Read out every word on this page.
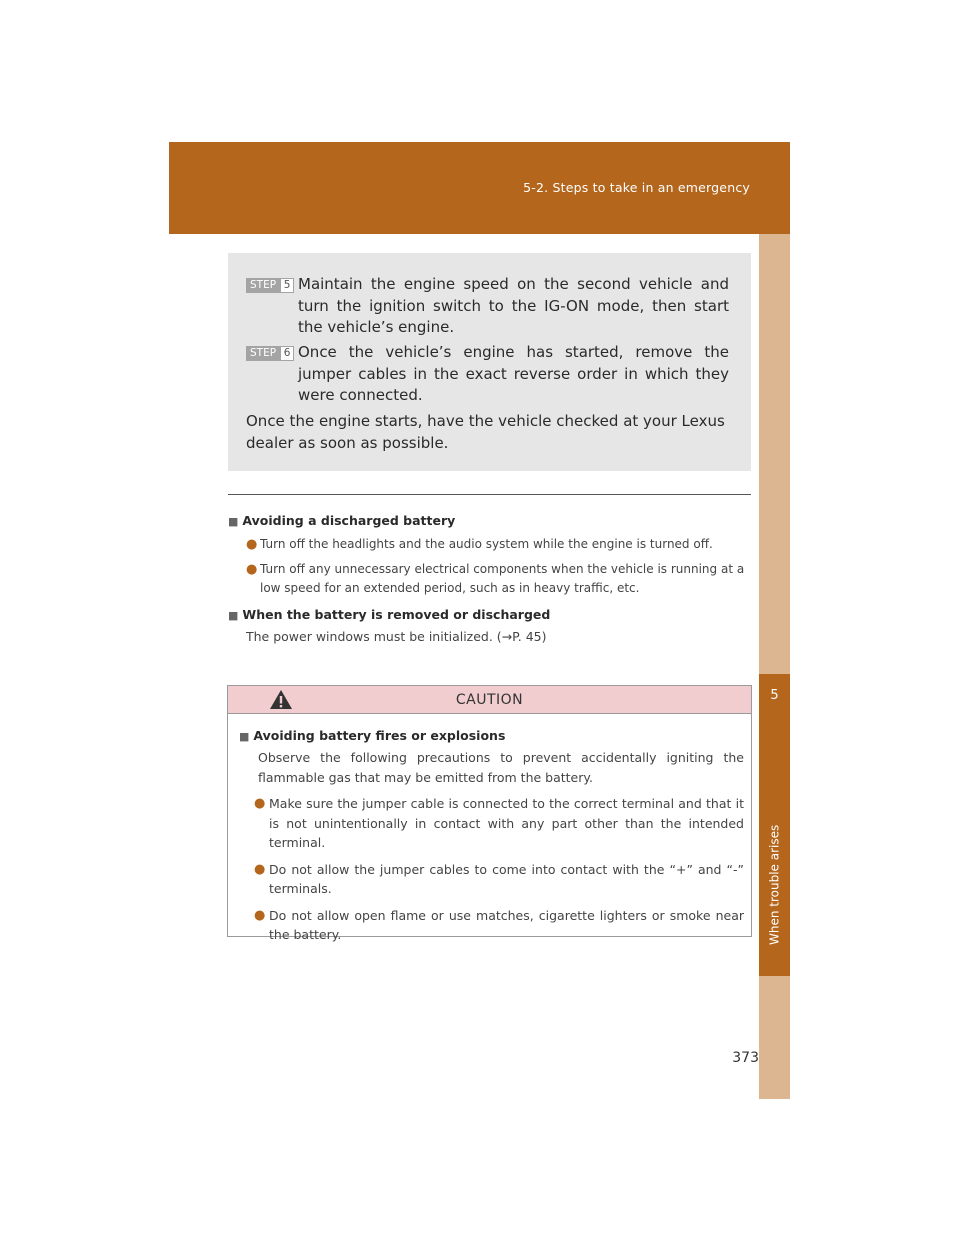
5-2. Steps to take in an emergency
5
When trouble arises
STEP 5 Maintain the engine speed on the second vehicle and turn the ignition switch to the IG-ON mode, then start the vehicle’s engine.
STEP 6 Once the vehicle’s engine has started, remove the jumper cables in the exact reverse order in which they were connected.
Once the engine starts, have the vehicle checked at your Lexus dealer as soon as possible.
■ Avoiding a discharged battery
● Turn off the headlights and the audio system while the engine is turned off.
● Turn off any unnecessary electrical components when the vehicle is running at a low speed for an extended period, such as in heavy traffic, etc.
■ When the battery is removed or discharged
The power windows must be initialized. (→P. 45)
CAUTION
■ Avoiding battery fires or explosions
Observe the following precautions to prevent accidentally igniting the flammable gas that may be emitted from the battery.
● Make sure the jumper cable is connected to the correct terminal and that it is not unintentionally in contact with any part other than the intended terminal.
● Do not allow the jumper cables to come into contact with the “+” and “-” terminals.
● Do not allow open flame or use matches, cigarette lighters or smoke near the battery.
373
